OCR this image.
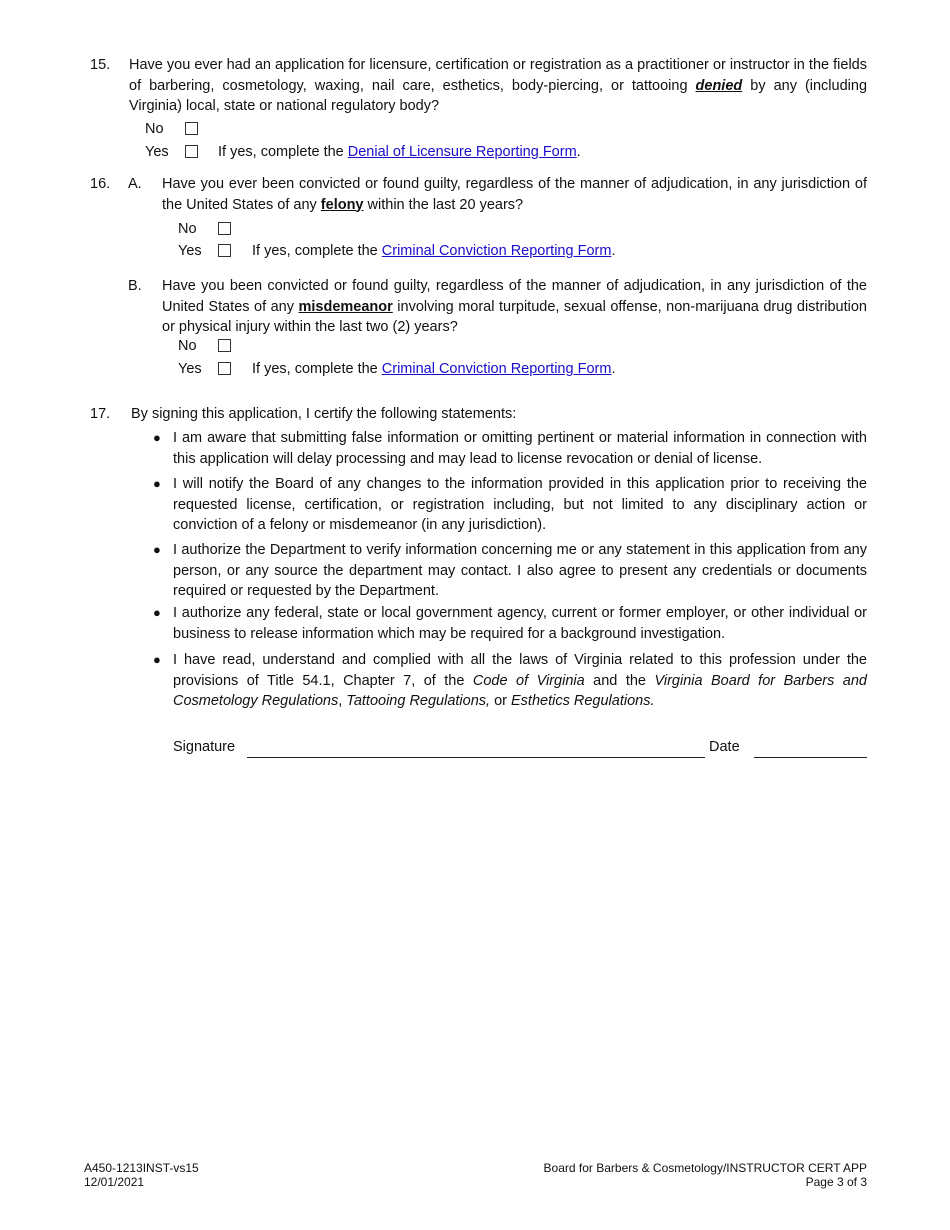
15. Have you ever had an application for licensure, certification or registration as a practitioner or instructor in the fields of barbering, cosmetology, waxing, nail care, esthetics, body-piercing, or tattooing denied by any (including Virginia) local, state or national regulatory body?
No
Yes	If yes, complete the Denial of Licensure Reporting Form.
16. A. Have you ever been convicted or found guilty, regardless of the manner of adjudication, in any jurisdiction of the United States of any felony within the last 20 years?
No
Yes	If yes, complete the Criminal Conviction Reporting Form.
B. Have you been convicted or found guilty, regardless of the manner of adjudication, in any jurisdiction of the United States of any misdemeanor involving moral turpitude, sexual offense, non-marijuana drug distribution or physical injury within the last two (2) years?
No
Yes	If yes, complete the Criminal Conviction Reporting Form.
17. By signing this application, I certify the following statements:
● I am aware that submitting false information or omitting pertinent or material information in connection with this application will delay processing and may lead to license revocation or denial of license.
● I will notify the Board of any changes to the information provided in this application prior to receiving the requested license, certification, or registration including, but not limited to any disciplinary action or conviction of a felony or misdemeanor (in any jurisdiction).
● I authorize the Department to verify information concerning me or any statement in this application from any person, or any source the department may contact. I also agree to present any credentials or documents required or requested by the Department.
● I authorize any federal, state or local government agency, current or former employer, or other individual or business to release information which may be required for a background investigation.
● I have read, understand and complied with all the laws of Virginia related to this profession under the provisions of Title 54.1, Chapter 7, of the Code of Virginia and the Virginia Board for Barbers and Cosmetology Regulations, Tattooing Regulations, or Esthetics Regulations.
Signature	Date
A450-1213INST-vs15
12/01/2021
Board for Barbers & Cosmetology/INSTRUCTOR CERT APP
Page 3 of 3
